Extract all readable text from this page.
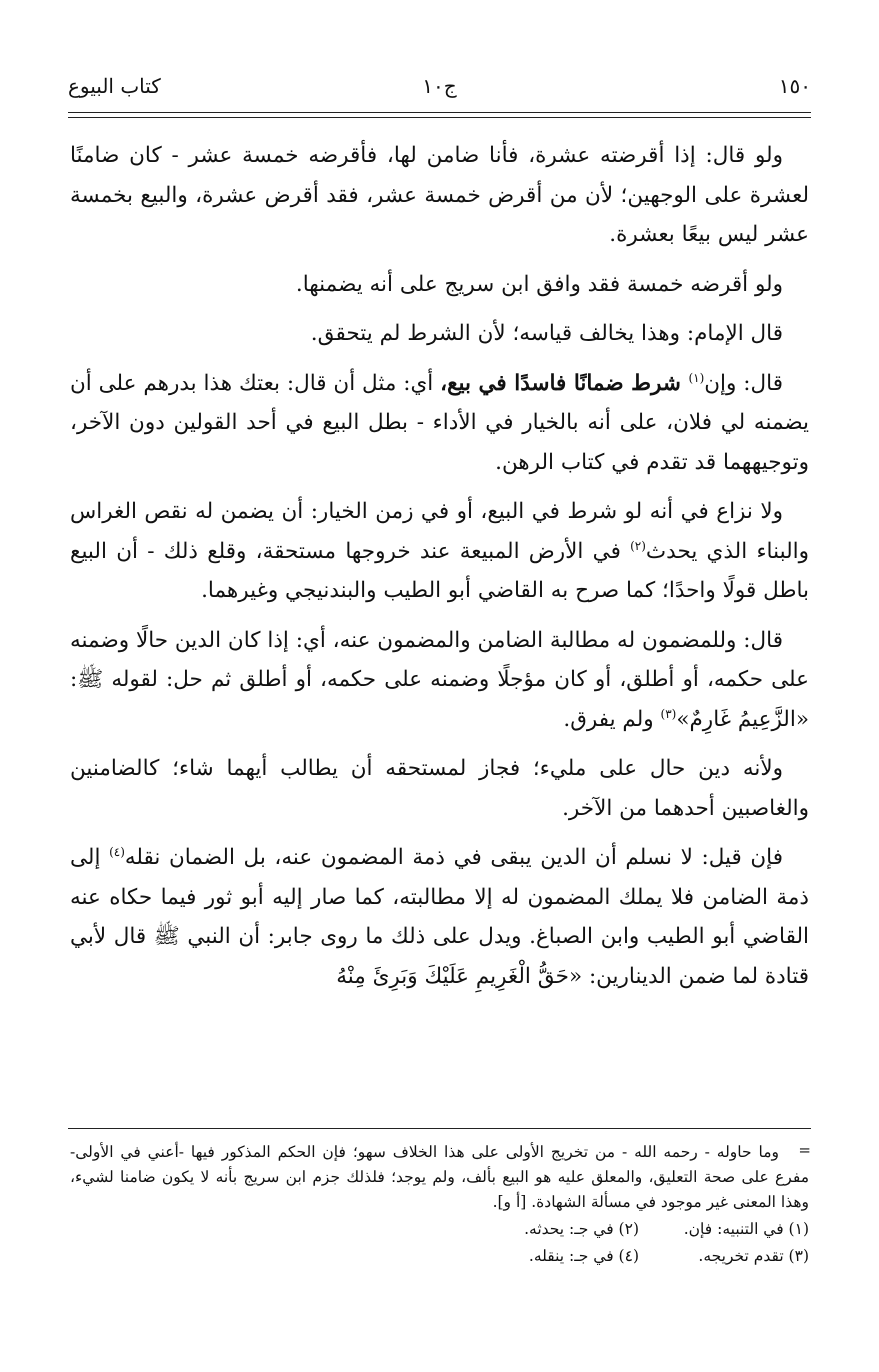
١٥٠
ج١٠
كتاب البيوع

ولو قال: إذا أقرضته عشرة، فأنا ضامن لها، فأقرضه خمسة عشر - كان ضامنًا لعشرة على الوجهين؛ لأن من أقرض خمسة عشر، فقد أقرض عشرة، والبيع بخمسة عشر ليس بيعًا بعشرة.

ولو أقرضه خمسة فقد وافق ابن سريج على أنه يضمنها.

قال الإمام: وهذا يخالف قياسه؛ لأن الشرط لم يتحقق.

قال: وإن$^{(١)}$ شرط ضمانًا فاسدًا في بيع، أي: مثل أن قال: بعتك هذا بدرهم على أن يضمنه لي فلان، على أنه بالخيار في الأداء - بطل البيع في أحد القولين دون الآخر، وتوجيههما قد تقدم في كتاب الرهن.

ولا نزاع في أنه لو شرط في البيع، أو في زمن الخيار: أن يضمن له نقص الغراس والبناء الذي يحدث$^{(٢)}$ في الأرض المبيعة عند خروجها مستحقة، وقلع ذلك - أن البيع باطل قولًا واحدًا؛ كما صرح به القاضي أبو الطيب والبندنيجي وغيرهما.

قال: وللمضمون له مطالبة الضامن والمضمون عنه، أي: إذا كان الدين حالًا وضمنه على حكمه، أو أطلق، أو كان مؤجلًا وضمنه على حكمه، أو أطلق ثم حل: لقوله ﷺ: «الزَّعِيمُ غَارِمٌ»$^{(٣)}$ ولم يفرق.

ولأنه دين حال على مليء؛ فجاز لمستحقه أن يطالب أيهما شاء؛ كالضامنين والغاصبين أحدهما من الآخر.

فإن قيل: لا نسلم أن الدين يبقى في ذمة المضمون عنه، بل الضمان نقله$^{(٤)}$ إلى ذمة الضامن فلا يملك المضمون له إلا مطالبته، كما صار إليه أبو ثور فيما حكاه عنه القاضي أبو الطيب وابن الصباغ. ويدل على ذلك ما روى جابر: أن النبي ﷺ قال لأبي قتادة لما ضمن الدينارين: «حَقُّ الْغَرِيمِ عَلَيْكَ وَبَرِئَ مِنْهُ

=

وما حاوله - رحمه الله - من تخريج الأولى على هذا الخلاف سهو؛ فإن الحكم المذكور فيها -أعني في الأولى- مفرع على صحة التعليق، والمعلق عليه هو البيع بألف، ولم يوجد؛ فلذلك جزم ابن سريج بأنه لا يكون ضامنا لشيء، وهذا المعنى غير موجود في مسألة الشهادة. [أ و].

(١) في التنبيه: فإن.
(٢) في جـ: يحدثه.
(٣) تقدم تخريجه.
(٤) في جـ: ينقله.
